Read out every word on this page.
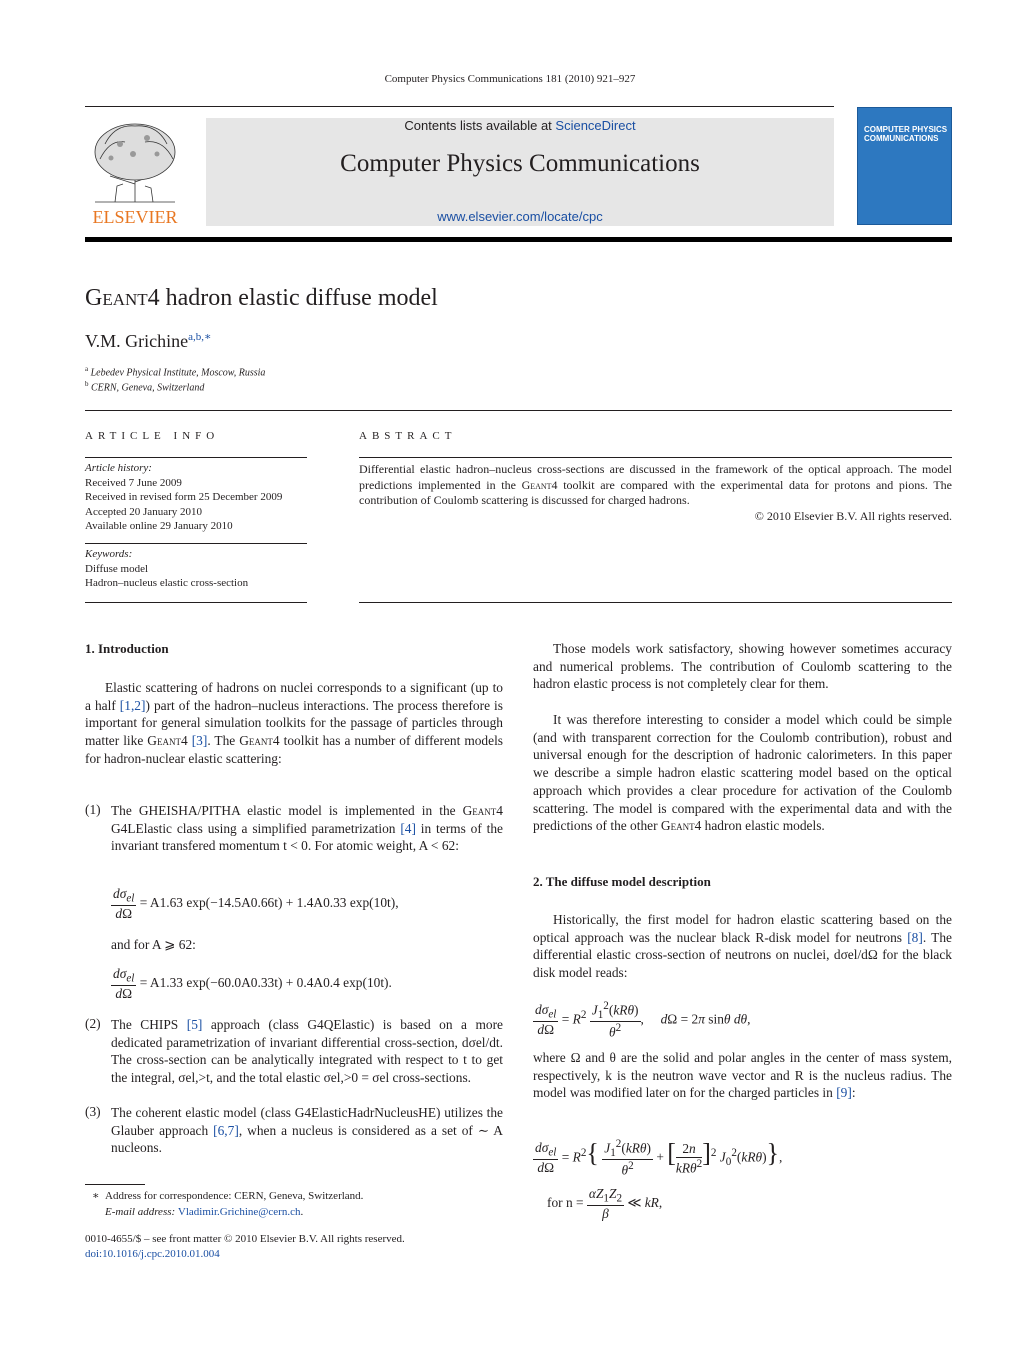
Computer Physics Communications 181 (2010) 921–927
ELSEVIER
Contents lists available at ScienceDirect
Computer Physics Communications
www.elsevier.com/locate/cpc
COMPUTER PHYSICS
COMMUNICATIONS
Geant4 hadron elastic diffuse model
V.M. Grichine$^{a,b,∗}$
$^a$ Lebedev Physical Institute, Moscow, Russia
$^b$ CERN, Geneva, Switzerland
ARTICLE INFO
Article history:
Received 7 June 2009
Received in revised form 25 December 2009
Accepted 20 January 2010
Available online 29 January 2010
Keywords:
Diffuse model
Hadron–nucleus elastic cross-section
ABSTRACT
Differential elastic hadron–nucleus cross-sections are discussed in the framework of the optical approach. The model predictions implemented in the Geant4 toolkit are compared with the experimental data for protons and pions. The contribution of Coulomb scattering is discussed for charged hadrons.
© 2010 Elsevier B.V. All rights reserved.
1. Introduction
Elastic scattering of hadrons on nuclei corresponds to a significant (up to a half [1,2]) part of the hadron–nucleus interactions. The process therefore is important for general simulation toolkits for the passage of particles through matter like Geant4 [3]. The Geant4 toolkit has a number of different models for hadron-nuclear elastic scattering:
(1) The GHEISHA/PITHA elastic model is implemented in the Geant4 G4LElastic class using a simplified parametrization [4] in terms of the invariant transfered momentum t < 0. For atomic weight, A < 62:
$\frac{d\sigma_{el}}{d\Omega} = A1.63$ exp(−14.5A0.66t) + 1.4A0.33 exp(10t),
and for A ⩾ 62:
$\frac{d\sigma_{el}}{d\Omega} = A1.33$ exp(−60.0A0.33t) + 0.4A0.4 exp(10t).
(2) The CHIPS [5] approach (class G4QElastic) is based on a more dedicated parametrization of invariant differential cross-section, dσel/dt. The cross-section can be analytically integrated with respect to t to get the integral, σel,>t, and the total elastic σel,>0 = σel cross-sections.
(3) The coherent elastic model (class G4ElasticHadrNucleusHE) utilizes the Glauber approach [6,7], when a nucleus is considered as a set of ∼ A nucleons.
∗ Address for correspondence: CERN, Geneva, Switzerland.
E-mail address: Vladimir.Grichine@cern.ch.
0010-4655/$ – see front matter © 2010 Elsevier B.V. All rights reserved.
doi:10.1016/j.cpc.2010.01.004
Those models work satisfactory, showing however sometimes accuracy and numerical problems. The contribution of Coulomb scattering to the hadron elastic process is not completely clear for them.
It was therefore interesting to consider a model which could be simple (and with transparent correction for the Coulomb contribution), robust and universal enough for the description of hadronic calorimeters. In this paper we describe a simple hadron elastic scattering model based on the optical approach which provides a clear procedure for activation of the Coulomb scattering. The model is compared with the experimental data and with the predictions of the other Geant4 hadron elastic models.
2. The diffuse model description
Historically, the first model for hadron elastic scattering based on the optical approach was the nuclear black R-disk model for neutrons [8]. The differential elastic cross-section of neutrons on nuclei, dσel/dΩ for the black disk model reads:
$\frac{d\sigma_{el}}{d\Omega} = R^2 \frac{J_1^2(kR\theta)}{\theta^2}$ ,     dΩ = 2π sinθ dθ,
where Ω and θ are the solid and polar angles in the center of mass system, respectively, k is the neutron wave vector and R is the nucleus radius. The model was modified later on for the charged particles in [9]:
$\frac{d\sigma_{el}}{d\Omega} = R^2\{ \frac{J_1^2(kR\theta)}{\theta^2}$ + [ $\frac{2n}{kR\theta^2} ]^2$ $J_0^2(kR\theta)$},
for $n = \frac{\alpha Z_1Z_2}{\beta}$ ≪ kR,
